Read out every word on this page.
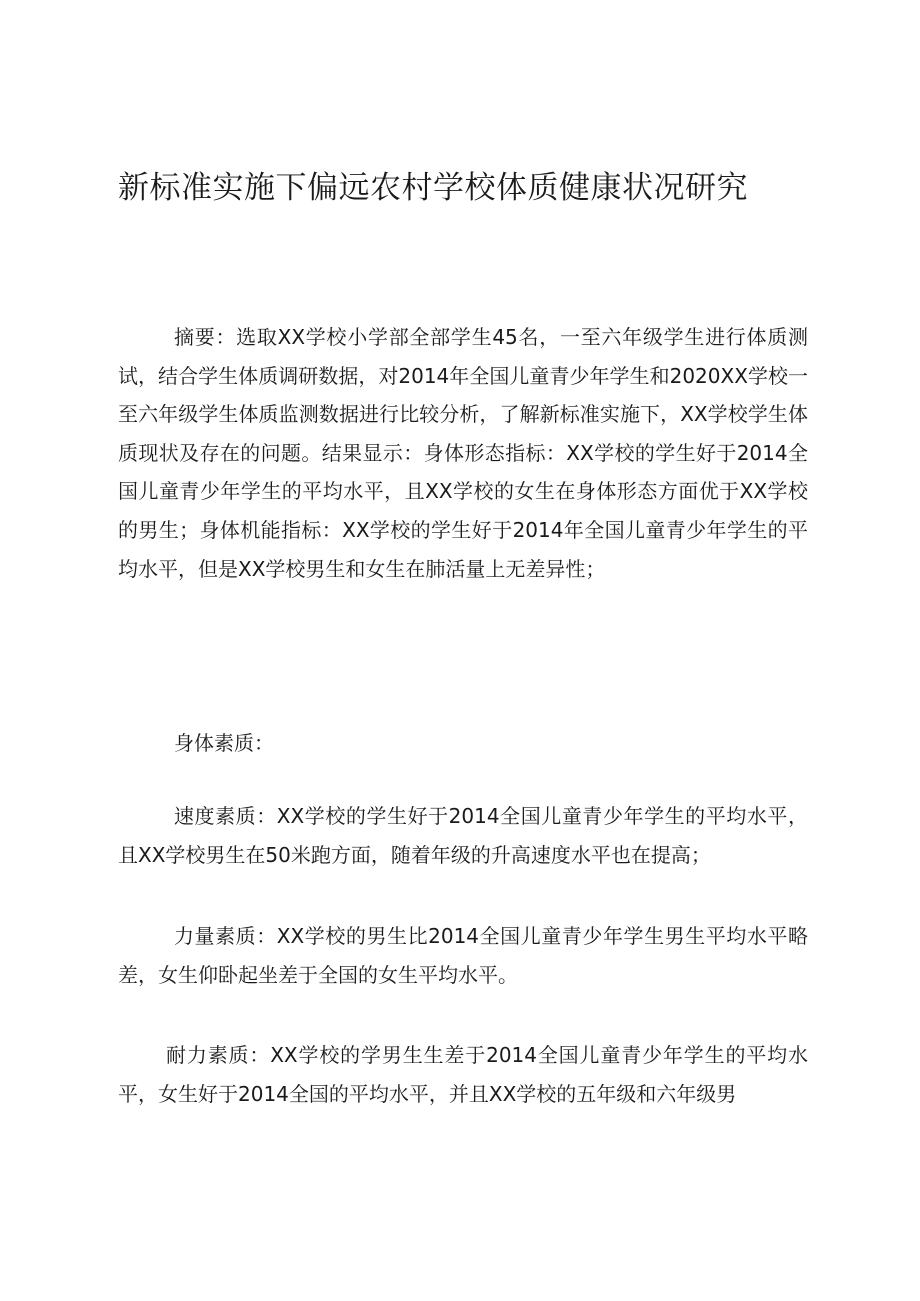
新标准实施下偏远农村学校体质健康状况研究

摘要：选取XX学校小学部全部学生45名，一至六年级学生进行体质测试，结合学生体质调研数据，对2014年全国儿童青少年学生和2020XX学校一至六年级学生体质监测数据进行比较分析，了解新标准实施下，XX学校学生体质现状及存在的问题。结果显示：身体形态指标：XX学校的学生好于2014全国儿童青少年学生的平均水平，且XX学校的女生在身体形态方面优于XX学校的男生；身体机能指标：XX学校的学生好于2014年全国儿童青少年学生的平均水平，但是XX学校男生和女生在肺活量上无差异性；

身体素质：

速度素质：XX学校的学生好于2014全国儿童青少年学生的平均水平，且XX学校男生在50米跑方面，随着年级的升高速度水平也在提高；

力量素质：XX学校的男生比2014全国儿童青少年学生男生平均水平略差，女生仰卧起坐差于全国的女生平均水平。

耐力素质：XX学校的学男生生差于2014全国儿童青少年学生的平均水平，女生好于2014全国的平均水平，并且XX学校的五年级和六年级男
